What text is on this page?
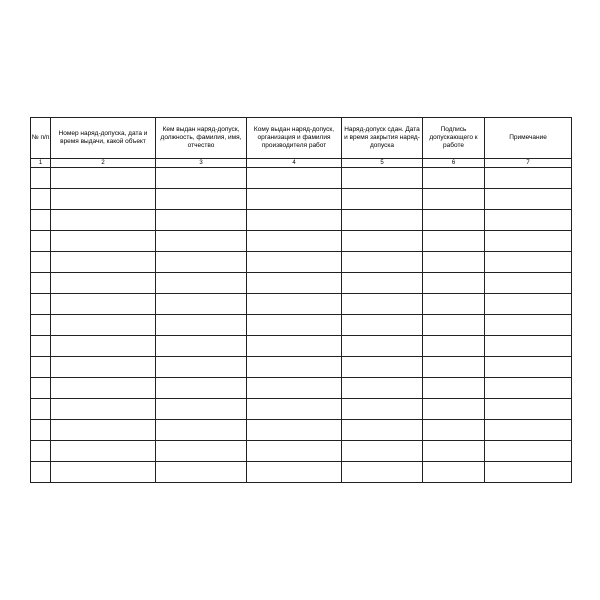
№ п/п	Номер наряд-допуска, дата и время выдачи, какой объект	Кем выдан наряд-допуск, должность, фамилия, имя, отчество	Кому выдан наряд-допуск, организация и фамилия производителя работ	Наряд-допуск сдан. Дата и время закрытия наряд-допуска	Подпись допускающего к работе	Примечание
1	2	3	4	5	6	7
